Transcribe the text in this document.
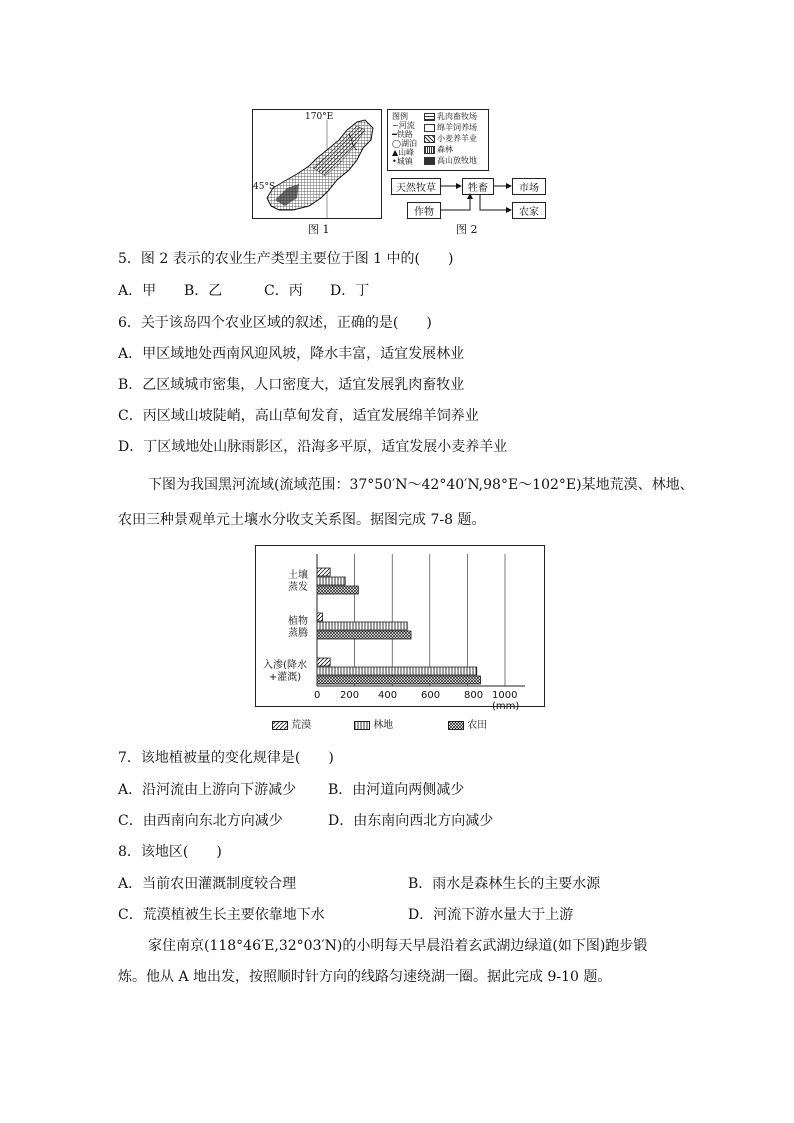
170°E
45°S
图例
~河流
━铁路
◯湖泊
▲山峰
•城镇
乳肉畜牧场
绵羊饲养场
小麦养羊业
森林
高山放牧地
天然牧草	牲畜	市场
作物	农家
图 1	图 2
5．图 2 表示的农业生产类型主要位于图 1 中的(　　)
A．甲 B．乙	C．丙 D．丁
6．关于该岛四个农业区域的叙述，正确的是(　　)
A．甲区域地处西南风迎风坡，降水丰富，适宜发展林业
B．乙区域城市密集，人口密度大，适宜发展乳肉畜牧业
C．丙区域山坡陡峭，高山草甸发育，适宜发展绵羊饲养业
D．丁区域地处山脉雨影区，沿海多平原，适宜发展小麦养羊业
下图为我国黑河流域(流域范围：37°50′N～42°40′N,98°E～102°E)某地荒漠、林地、
农田三种景观单元土壤水分收支关系图。据图完成 7-8 题。
土壤蒸发
植物蒸腾
入渗(降水+灌溉)
0 200 400 600 800 1000 (mm)
荒漠	林地	农田
7．该地植被量的变化规律是(　　)
A．沿河流由上游向下游减少 B．由河道向两侧减少
C．由西南向东北方向减少	D．由东南向西北方向减少
8．该地区(　　)
A．当前农田灌溉制度较合理	B．雨水是森林生长的主要水源
C．荒漠植被生长主要依靠地下水	D．河流下游水量大于上游
家住南京(118°46′E,32°03′N)的小明每天早晨沿着玄武湖边绿道(如下图)跑步锻
炼。他从 A 地出发，按照顺时针方向的线路匀速绕湖一圈。据此完成 9-10 题。
